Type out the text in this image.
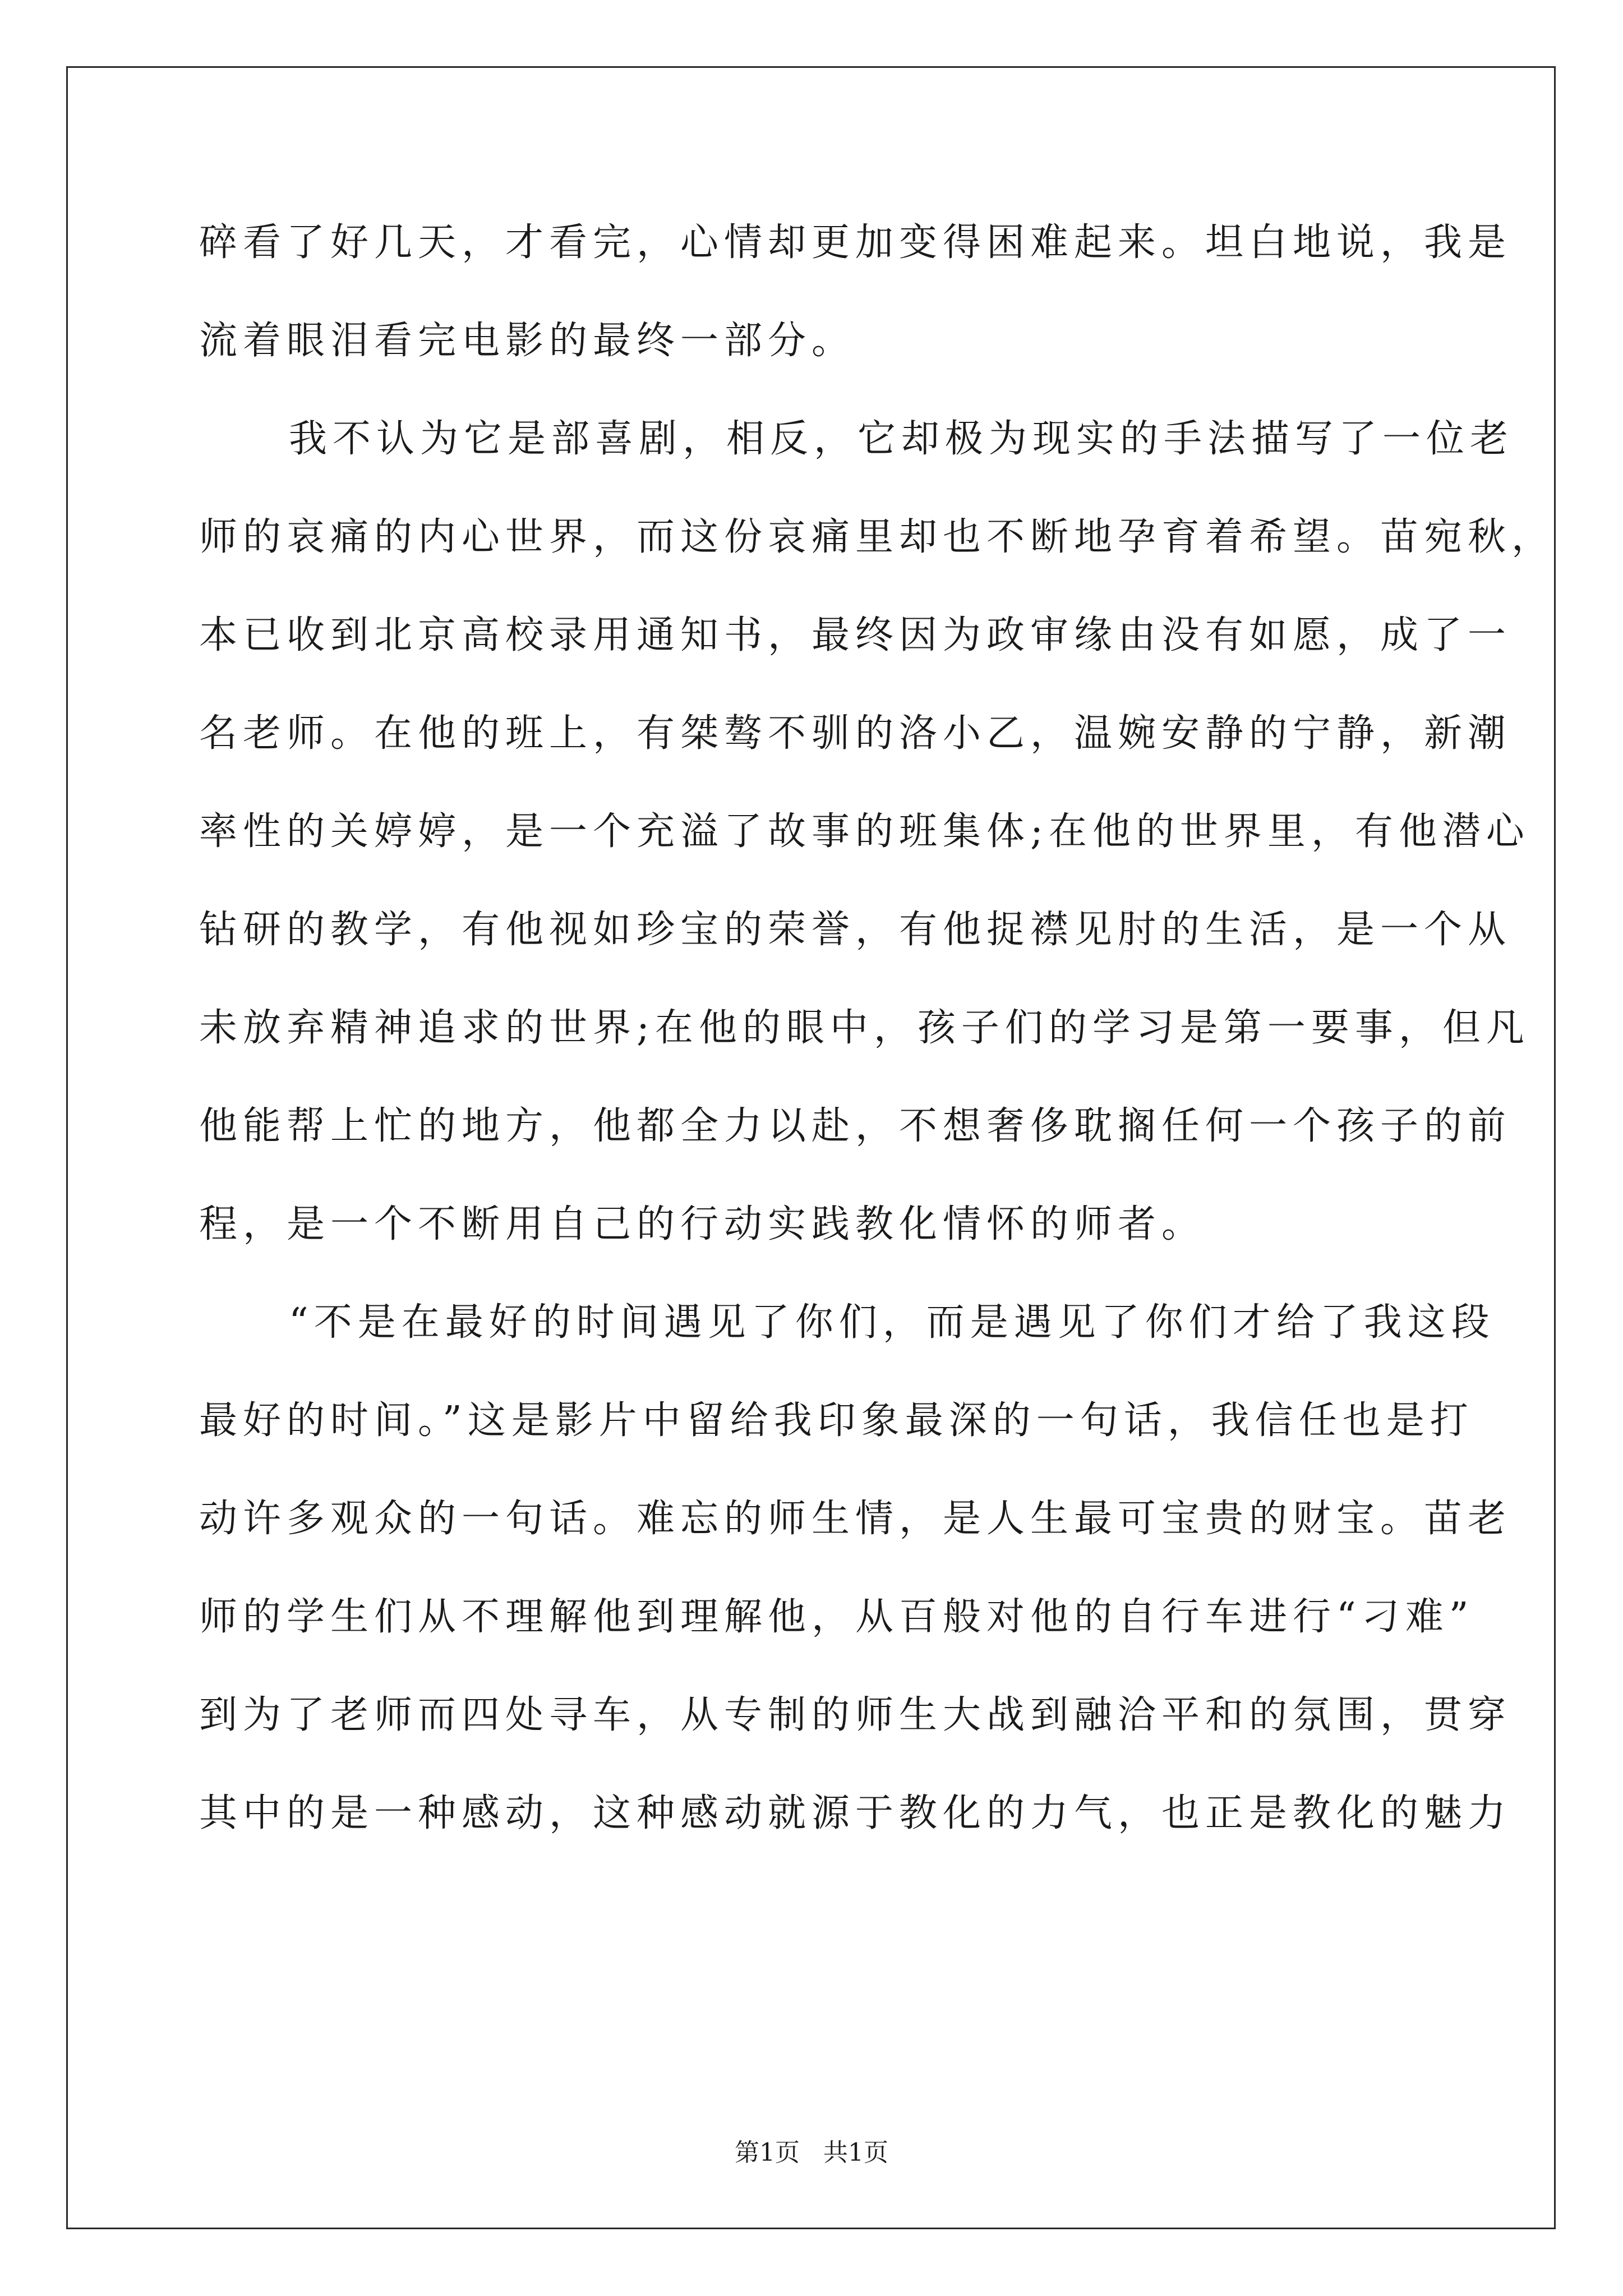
碎看了好几天，才看完，心情却更加变得困难起来。坦白地说，我是
流着眼泪看完电影的最终一部分。
我不认为它是部喜剧，相反，它却极为现实的手法描写了一位老
师的哀痛的内心世界，而这份哀痛里却也不断地孕育着希望。苗宛秋，
本已收到北京高校录用通知书，最终因为政审缘由没有如愿，成了一
名老师。在他的班上，有桀骜不驯的洛小乙，温婉安静的宁静，新潮
率性的关婷婷，是一个充溢了故事的班集体;在他的世界里，有他潜心
钻研的教学，有他视如珍宝的荣誉，有他捉襟见肘的生活，是一个从
未放弃精神追求的世界;在他的眼中，孩子们的学习是第一要事，但凡
他能帮上忙的地方，他都全力以赴，不想奢侈耽搁任何一个孩子的前
程，是一个不断用自己的行动实践教化情怀的师者。
“不是在最好的时间遇见了你们，而是遇见了你们才给了我这段
最好的时间。”这是影片中留给我印象最深的一句话，我信任也是打
动许多观众的一句话。难忘的师生情，是人生最可宝贵的财宝。苗老
师的学生们从不理解他到理解他，从百般对他的自行车进行“刁难”
到为了老师而四处寻车，从专制的师生大战到融洽平和的氛围，贯穿
其中的是一种感动，这种感动就源于教化的力气，也正是教化的魅力
第1页 共1页
